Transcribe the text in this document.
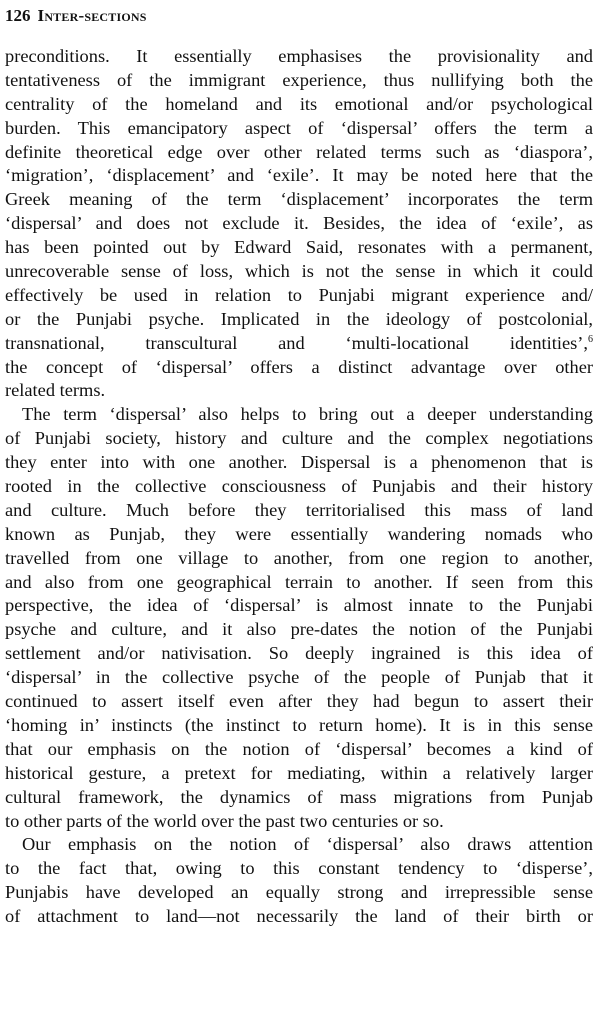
126 Inter-sections
preconditions. It essentially emphasises the provisionality and
tentativeness of the immigrant experience, thus nullifying both the
centrality of the homeland and its emotional and/or psychological
burden. This emancipatory aspect of ‘dispersal’ offers the term a
definite theoretical edge over other related terms such as ‘diaspora’,
‘migration’, ‘displacement’ and ‘exile’. It may be noted here that the
Greek meaning of the term ‘displacement’ incorporates the term
‘dispersal’ and does not exclude it. Besides, the idea of ‘exile’, as
has been pointed out by Edward Said, resonates with a permanent,
unrecoverable sense of loss, which is not the sense in which it could
effectively be used in relation to Punjabi migrant experience and/
or the Punjabi psyche. Implicated in the ideology of postcolonial,
transnational, transcultural and ‘multi-locational identities’,$^6$
the concept of ‘dispersal’ offers a distinct advantage over other
related terms.
The term ‘dispersal’ also helps to bring out a deeper understanding
of Punjabi society, history and culture and the complex negotiations
they enter into with one another. Dispersal is a phenomenon that is
rooted in the collective consciousness of Punjabis and their history
and culture. Much before they territorialised this mass of land
known as Punjab, they were essentially wandering nomads who
travelled from one village to another, from one region to another,
and also from one geographical terrain to another. If seen from this
perspective, the idea of ‘dispersal’ is almost innate to the Punjabi
psyche and culture, and it also pre-dates the notion of the Punjabi
settlement and/or nativisation. So deeply ingrained is this idea of
‘dispersal’ in the collective psyche of the people of Punjab that it
continued to assert itself even after they had begun to assert their
‘homing in’ instincts (the instinct to return home). It is in this sense
that our emphasis on the notion of ‘dispersal’ becomes a kind of
historical gesture, a pretext for mediating, within a relatively larger
cultural framework, the dynamics of mass migrations from Punjab
to other parts of the world over the past two centuries or so.
Our emphasis on the notion of ‘dispersal’ also draws attention
to the fact that, owing to this constant tendency to ‘disperse’,
Punjabis have developed an equally strong and irrepressible sense
of attachment to land—not necessarily the land of their birth or
